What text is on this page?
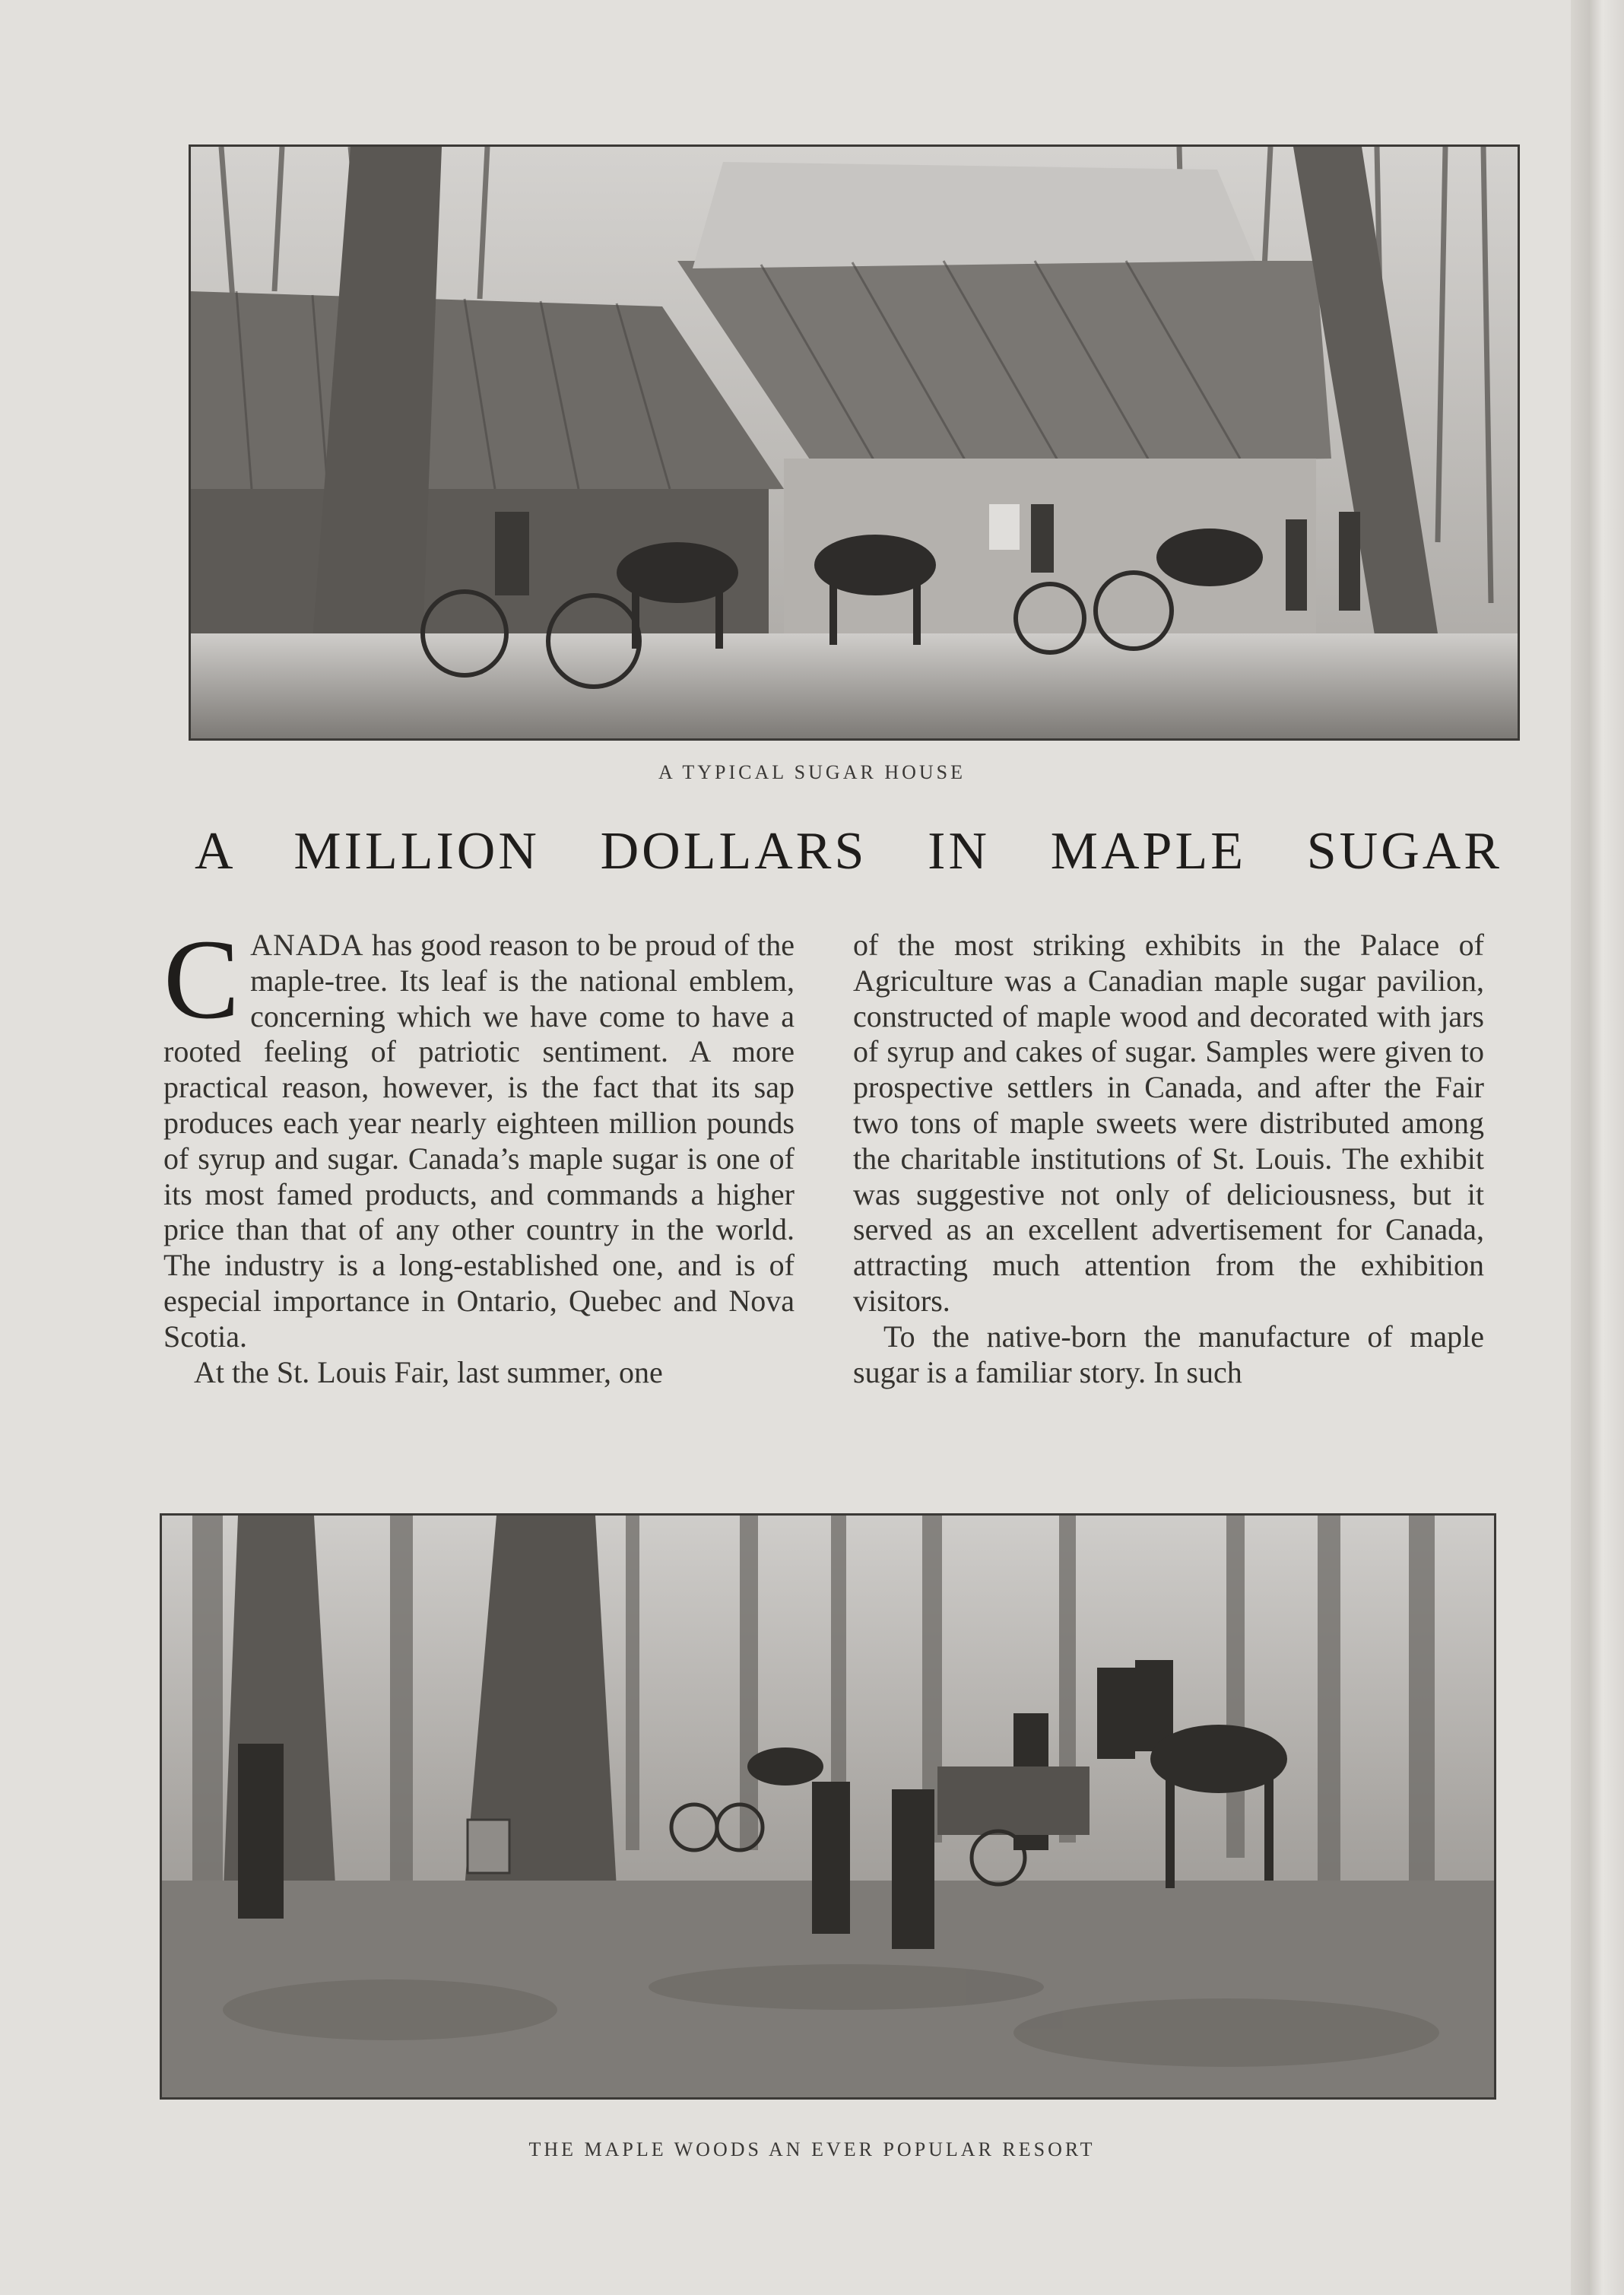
A TYPICAL SUGAR HOUSE
A MILLION DOLLARS IN MAPLE SUGAR

CANADA has good reason to be proud of the maple-tree. Its leaf is the national emblem, concerning which we have come to have a rooted feeling of patriotic sentiment. A more practical reason, however, is the fact that its sap produces each year nearly eighteen million pounds of syrup and sugar. Canada’s maple sugar is one of its most famed products, and commands a higher price than that of any other country in the world. The industry is a long-established one, and is of especial importance in Ontario, Quebec and Nova Scotia.

At the St. Louis Fair, last summer, one

of the most striking exhibits in the Palace of Agriculture was a Canadian maple sugar pavilion, constructed of maple wood and decorated with jars of syrup and cakes of sugar. Samples were given to prospective settlers in Canada, and after the Fair two tons of maple sweets were distributed among the charitable institutions of St. Louis. The exhibit was suggestive not only of deliciousness, but it served as an excellent advertisement for Canada, attracting much attention from the exhibition visitors.

To the native-born the manufacture of maple sugar is a familiar story. In such

THE MAPLE WOODS AN EVER POPULAR RESORT
